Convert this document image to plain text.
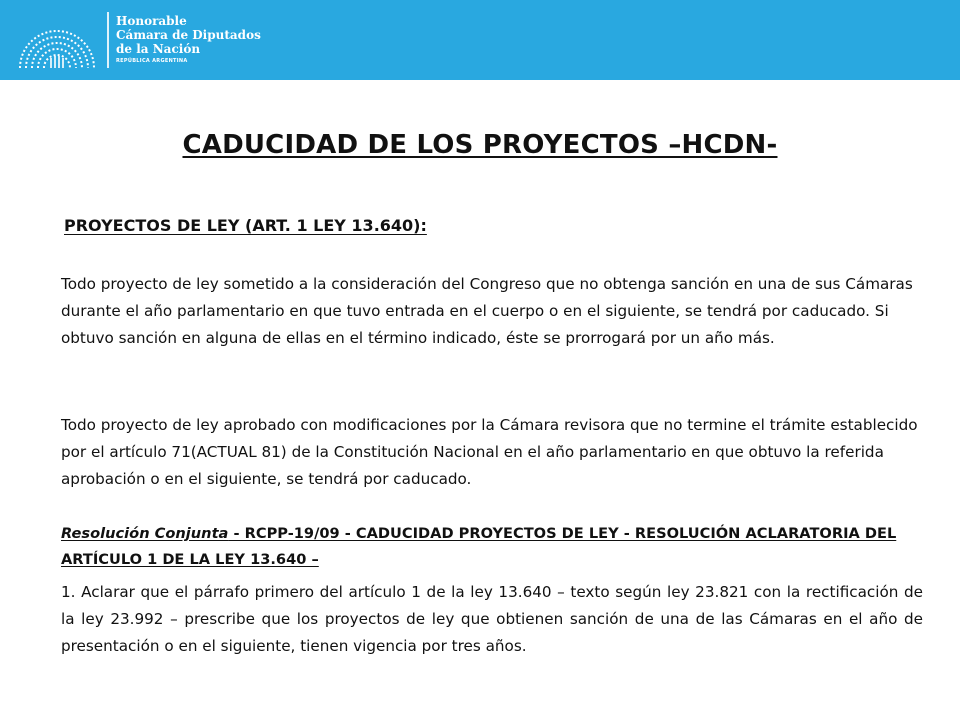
Honorable
Cámara de Diputados
de la Nación
REPÚBLICA ARGENTINA
CADUCIDAD DE LOS PROYECTOS –HCDN-
PROYECTOS DE LEY (ART. 1 LEY 13.640):
Todo proyecto de ley sometido a la consideración del Congreso que no obtenga sanción en una de sus Cámaras durante el año parlamentario en que tuvo entrada en el cuerpo o en el siguiente, se tendrá por caducado. Si obtuvo sanción en alguna de ellas en el término indicado, éste se prorrogará por un año más.
Todo proyecto de ley aprobado con modificaciones por la Cámara revisora que no termine el trámite establecido por el artículo 71(ACTUAL 81) de la Constitución Nacional en el año parlamentario en que obtuvo la referida aprobación o en el siguiente, se tendrá por caducado.
Resolución Conjunta - RCPP-19/09 - CADUCIDAD PROYECTOS DE LEY - RESOLUCIÓN ACLARATORIA DEL ARTÍCULO 1 DE LA LEY 13.640 –
1. Aclarar que el párrafo primero del artículo 1 de la ley 13.640 – texto según ley 23.821 con la rectificación de la ley 23.992 – prescribe que los proyectos de ley que obtienen sanción de una de las Cámaras en el año de presentación o en el siguiente, tienen vigencia por tres años.
